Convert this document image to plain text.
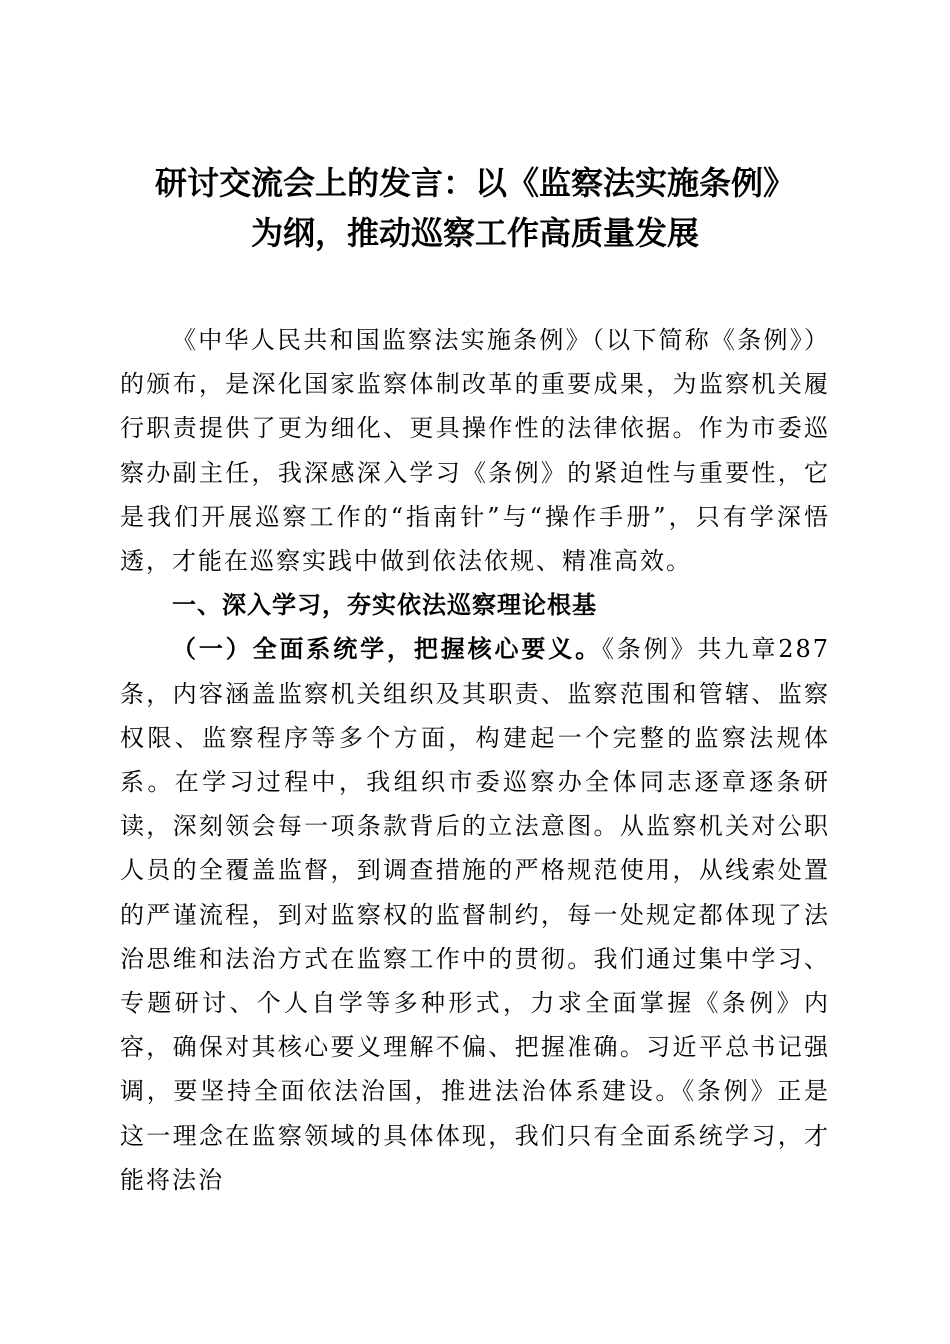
研讨交流会上的发言：以《监察法实施条例》
为纲，推动巡察工作高质量发展

《中华人民共和国监察法实施条例》（以下简称《条例》）的颁布，是深化国家监察体制改革的重要成果，为监察机关履行职责提供了更为细化、更具操作性的法律依据。作为市委巡察办副主任，我深感深入学习《条例》的紧迫性与重要性，它是我们开展巡察工作的“指南针”与“操作手册”，只有学深悟透，才能在巡察实践中做到依法依规、精准高效。

一、深入学习，夯实依法巡察理论根基

（一）全面系统学，把握核心要义。《条例》共九章287条，内容涵盖监察机关组织及其职责、监察范围和管辖、监察权限、监察程序等多个方面，构建起一个完整的监察法规体系。在学习过程中，我组织市委巡察办全体同志逐章逐条研读，深刻领会每一项条款背后的立法意图。从监察机关对公职人员的全覆盖监督，到调查措施的严格规范使用，从线索处置的严谨流程，到对监察权的监督制约，每一处规定都体现了法治思维和法治方式在监察工作中的贯彻。我们通过集中学习、专题研讨、个人自学等多种形式，力求全面掌握《条例》内容，确保对其核心要义理解不偏、把握准确。习近平总书记强调，要坚持全面依法治国，推进法治体系建设。《条例》正是这一理念在监察领域的具体体现，我们只有全面系统学习，才能将法治
